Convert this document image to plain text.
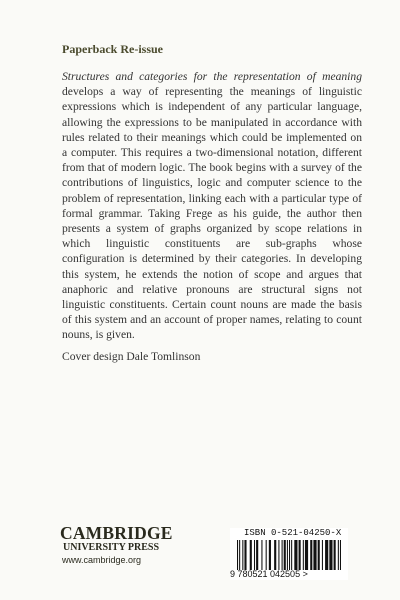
Paperback Re-issue
Structures and categories for the representation of meaning develops a way of representing the meanings of linguistic expressions which is independent of any particular language, allowing the expressions to be manipulated in accordance with rules related to their meanings which could be implemented on a computer. This requires a two-dimensional notation, different from that of modern logic. The book begins with a survey of the contributions of linguistics, logic and computer science to the problem of representation, linking each with a particular type of formal grammar. Taking Frege as his guide, the author then presents a system of graphs organized by scope relations in which linguistic constituents are sub-graphs whose configuration is determined by their categories. In developing this system, he extends the notion of scope and argues that anaphoric and relative pronouns are structural signs not linguistic constituents. Certain count nouns are made the basis of this system and an account of proper names, relating to count nouns, is given.
Cover design Dale Tomlinson
CAMBRIDGE
UNIVERSITY PRESS
www.cambridge.org
ISBN 0-521-04250-X
9 780521 042505 >
